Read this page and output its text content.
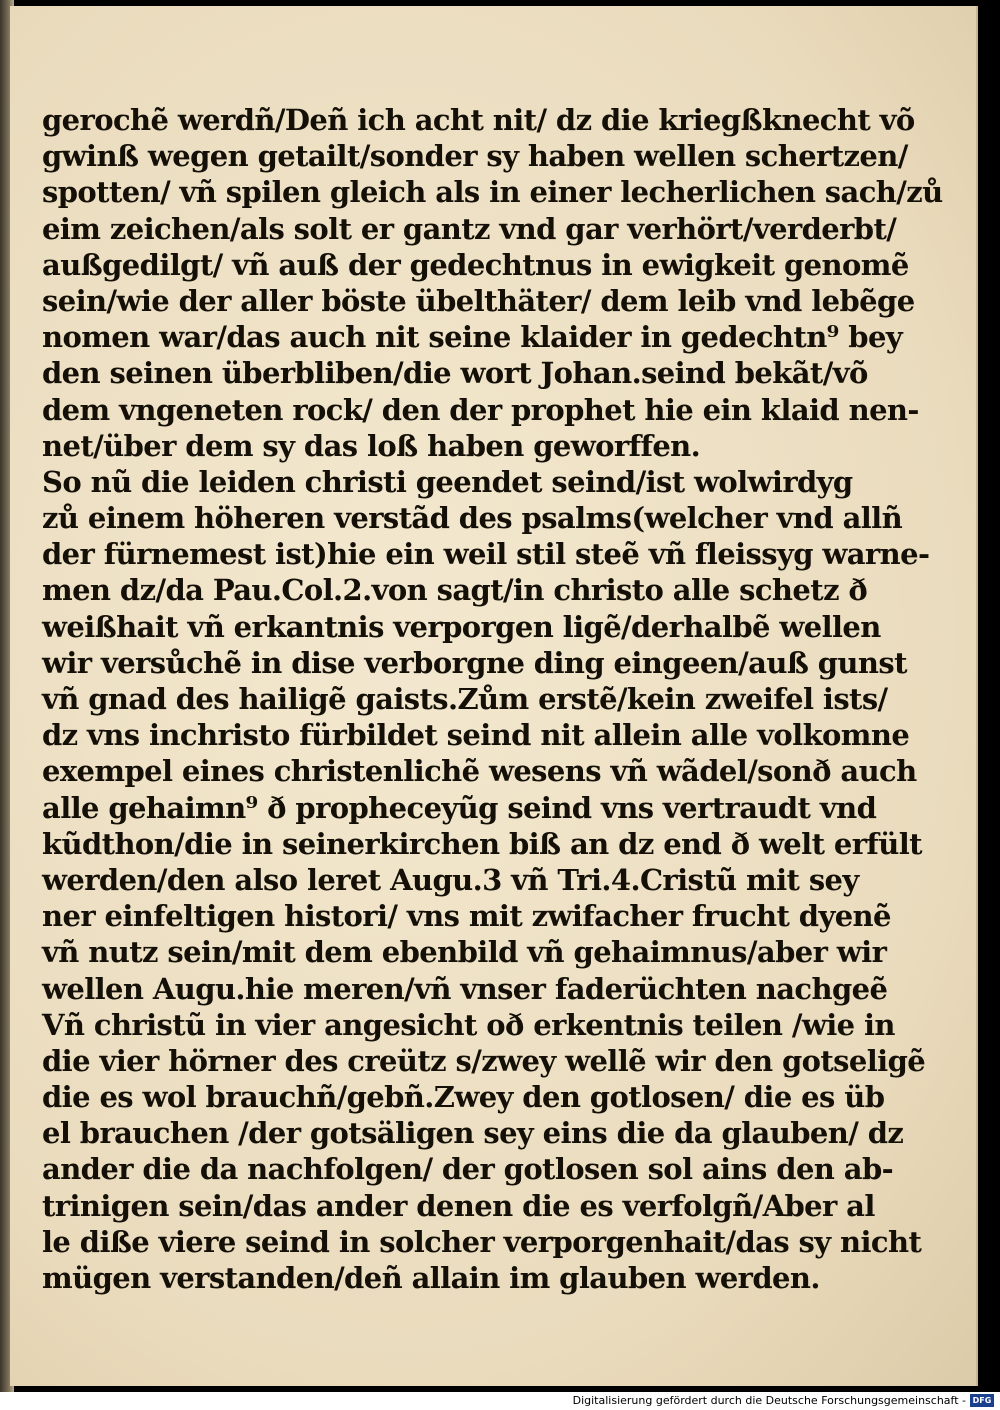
gerochẽ werdñ/Deñ ich acht nit/ dz die kriegßknecht võ
gwinß wegen getailt/sonder sy haben wellen schertzen/
spotten/ vñ spilen gleich als in einer lecherlichen sach/zů
eim zeichen/als solt er gantz vnd gar verhört/verderbt/
außgedilgt/ vñ auß der gedechtnus in ewigkeit genomẽ
sein/wie der aller böste übelthäter/ dem leib vnd lebẽge
nomen war/das auch nit seine klaider in gedechtn⁹ bey
den seinen überbliben/die wort Johan.seind bekãt/võ
dem vngeneten rock/ den der prophet hie ein klaid nen-
net/über dem sy das loß haben geworffen.
So nũ die leiden christi geendet seind/ist wolwirdyg
zů einem höheren verstãd des psalms(welcher vnd allñ
der fürnemest ist)hie ein weil stil steẽ vñ fleissyg warne-
men dz/da Pau.Col.2.von sagt/in christo alle schetz ð
weißhait vñ erkantnis verporgen ligẽ/derhalbẽ wellen
wir versůchẽ in dise verborgne ding eingeen/auß gunst
vñ gnad des hailigẽ gaists.Zům erstẽ/kein zweifel ists/
dz vns inchristo fürbildet seind nit allein alle volkomne
exempel eines christenlichẽ wesens vñ wãdel/sonð auch
alle gehaimn⁹ ð propheceyũg seind vns vertraudt vnd
kũdthon/die in seinerkirchen biß an dz end ð welt erfült
werden/den also leret Augu.3 vñ Tri.4.Cristũ mit sey
ner einfeltigen histori/ vns mit zwifacher frucht dyenẽ
vñ nutz sein/mit dem ebenbild vñ gehaimnus/aber wir
wellen Augu.hie meren/vñ vnser faderüchten nachgeẽ
Vñ christũ in vier angesicht oð erkentnis teilen /wie in
die vier hörner des creütz s/zwey wellẽ wir den gotseligẽ
die es wol brauchñ/gebñ.Zwey den gotlosen/ die es üb
el brauchen /der gotsäligen sey eins die da glauben/ dz
ander die da nachfolgen/ der gotlosen sol ains den ab-
trinigen sein/das ander denen die es verfolgñ/Aber al
le diße viere seind in solcher verporgenhait/das sy nicht
mügen verstanden/deñ allain im glauben werden.
Digitalisierung gefördert durch die Deutsche Forschungsgemeinschaft - DFG
